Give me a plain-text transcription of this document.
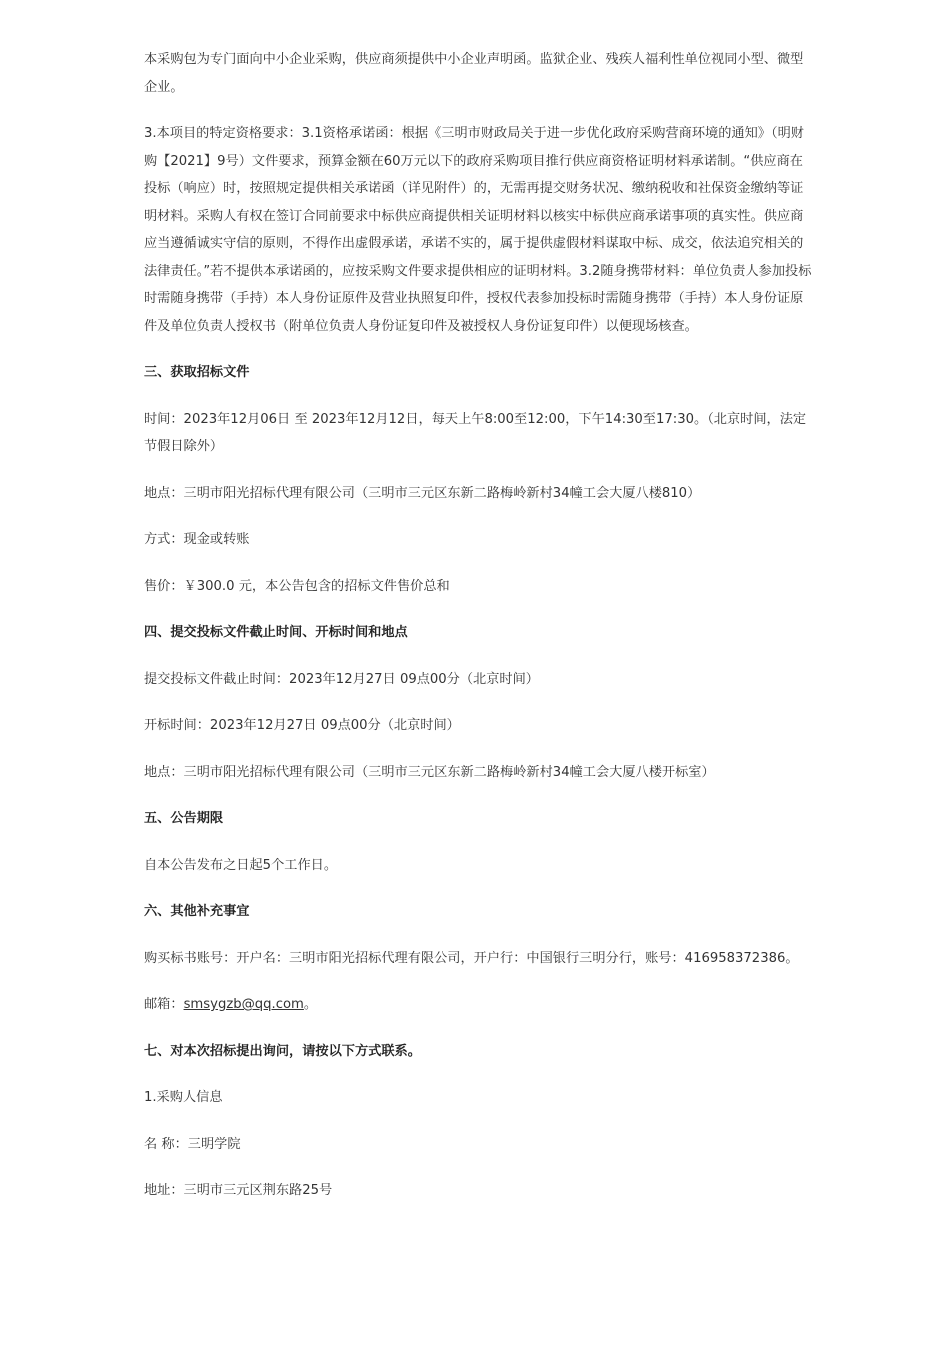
本采购包为专门面向中小企业采购，供应商须提供中小企业声明函。监狱企业、残疾人福利性单位视同小型、微型企业。

3.本项目的特定资格要求：3.1资格承诺函：根据《三明市财政局关于进一步优化政府采购营商环境的通知》（明财购【2021】9号）文件要求，预算金额在60万元以下的政府采购项目推行供应商资格证明材料承诺制。“供应商在投标（响应）时，按照规定提供相关承诺函（详见附件）的，无需再提交财务状况、缴纳税收和社保资金缴纳等证明材料。采购人有权在签订合同前要求中标供应商提供相关证明材料以核实中标供应商承诺事项的真实性。供应商应当遵循诚实守信的原则，不得作出虚假承诺，承诺不实的，属于提供虚假材料谋取中标、成交，依法追究相关的法律责任。”若不提供本承诺函的，应按采购文件要求提供相应的证明材料。3.2随身携带材料：单位负责人参加投标时需随身携带（手持）本人身份证原件及营业执照复印件，授权代表参加投标时需随身携带（手持）本人身份证原件及单位负责人授权书（附单位负责人身份证复印件及被授权人身份证复印件）以便现场核查。

三、获取招标文件

时间：2023年12月06日 至 2023年12月12日，每天上午8:00至12:00，下午14:30至17:30。（北京时间，法定节假日除外）

地点：三明市阳光招标代理有限公司（三明市三元区东新二路梅岭新村34幢工会大厦八楼810）

方式：现金或转账

售价：￥300.0 元，本公告包含的招标文件售价总和

四、提交投标文件截止时间、开标时间和地点

提交投标文件截止时间：2023年12月27日 09点00分（北京时间）

开标时间：2023年12月27日 09点00分（北京时间）

地点：三明市阳光招标代理有限公司（三明市三元区东新二路梅岭新村34幢工会大厦八楼开标室）

五、公告期限

自本公告发布之日起5个工作日。

六、其他补充事宜

购买标书账号：开户名：三明市阳光招标代理有限公司，开户行：中国银行三明分行，账号：416958372386。

邮箱：smsygzb@qq.com。

七、对本次招标提出询问，请按以下方式联系。

1.采购人信息

名 称：三明学院

地址：三明市三元区荆东路25号
